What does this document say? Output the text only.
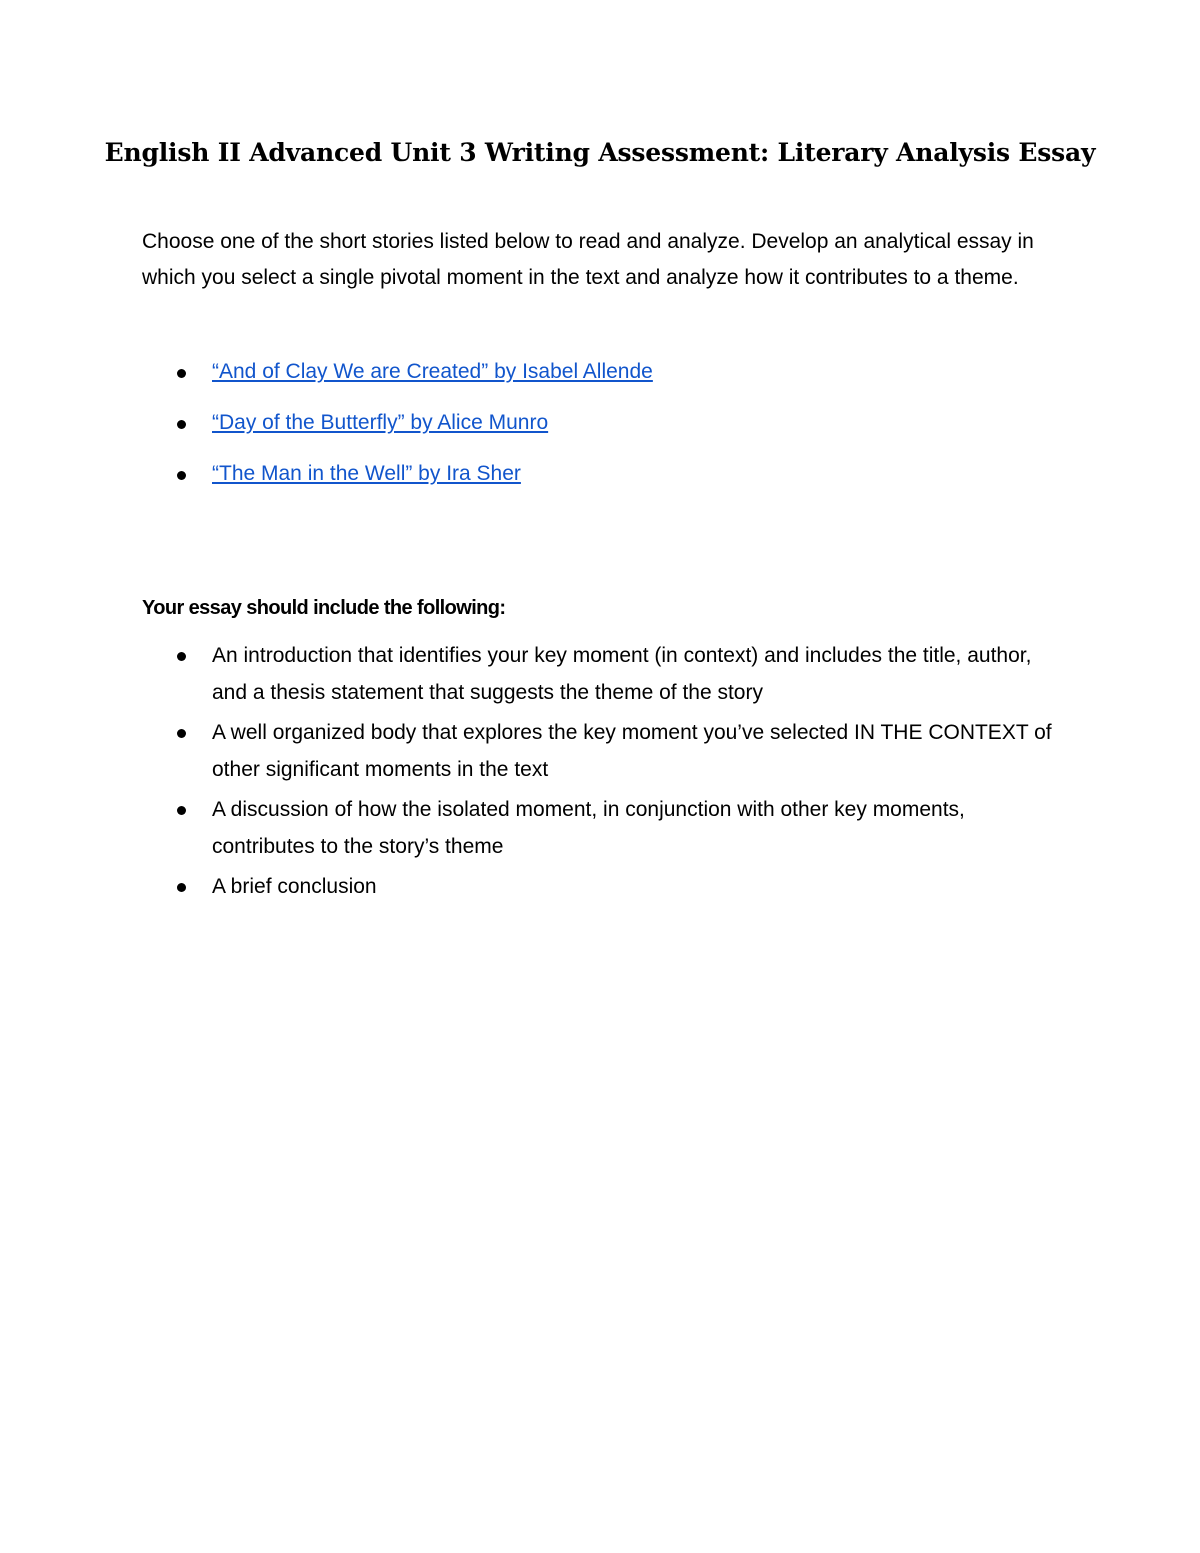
English II Advanced Unit 3 Writing Assessment: Literary Analysis Essay

Choose one of the short stories listed below to read and analyze. Develop an analytical essay in which you select a single pivotal moment in the text and analyze how it contributes to a theme.

“And of Clay We are Created” by Isabel Allende
“Day of the Butterfly” by Alice Munro
“The Man in the Well” by Ira Sher

Your essay should include the following:

An introduction that identifies your key moment (in context) and includes the title, author, and a thesis statement that suggests the theme of the story
A well organized body that explores the key moment you’ve selected IN THE CONTEXT of other significant moments in the text
A discussion of how the isolated moment, in conjunction with other key moments, contributes to the story’s theme
A brief conclusion
